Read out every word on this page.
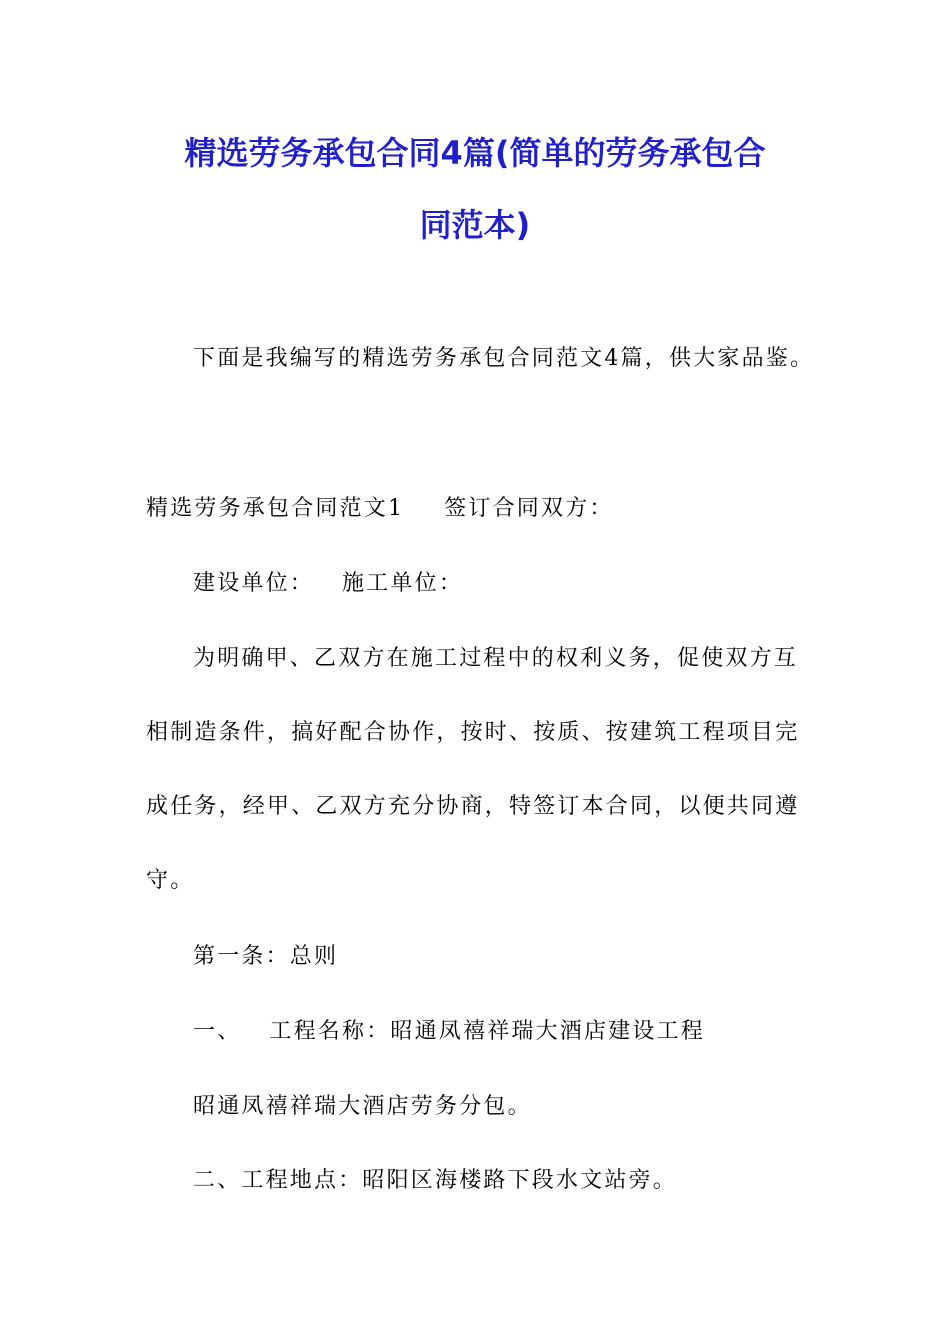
精选劳务承包合同4篇(简单的劳务承包合
同范本)

下面是我编写的精选劳务承包合同范文4篇，供大家品鉴。

精选劳务承包合同范文1 签订合同双方：

建设单位： 施工单位：

为明确甲、乙双方在施工过程中的权利义务，促使双方互

相制造条件，搞好配合协作，按时、按质、按建筑工程项目完

成任务，经甲、乙双方充分协商，特签订本合同，以便共同遵

守。

第一条：总则

一、 工程名称：昭通凤禧祥瑞大酒店建设工程

昭通凤禧祥瑞大酒店劳务分包。

二、工程地点：昭阳区海楼路下段水文站旁。
